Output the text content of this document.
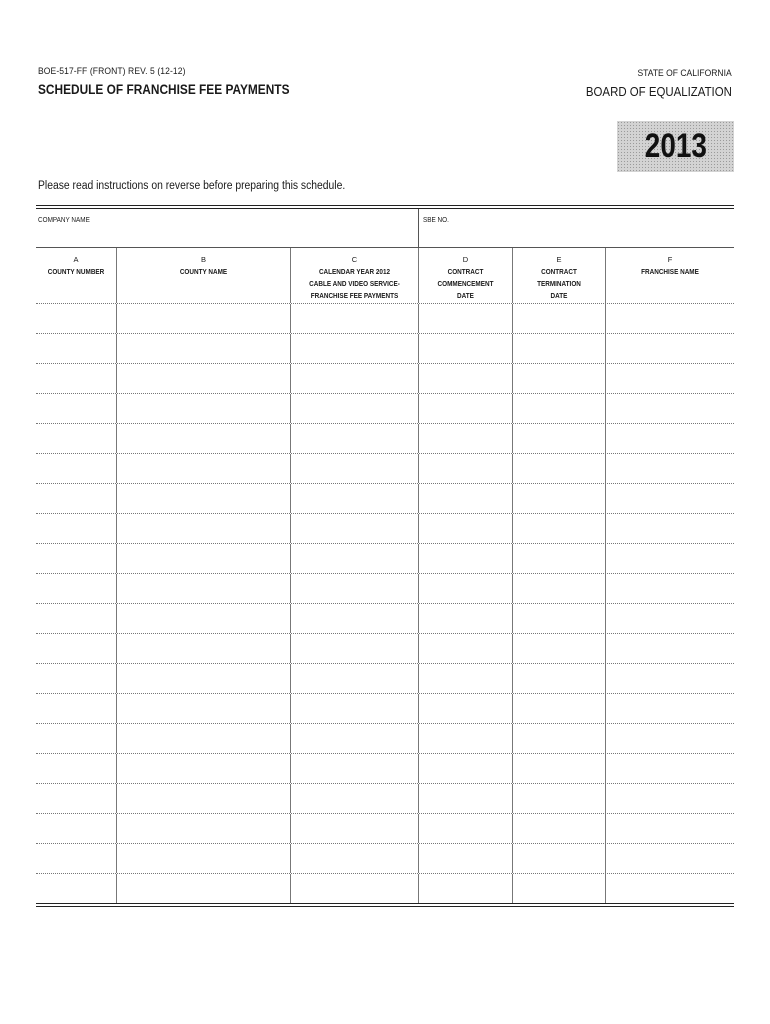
BOE-517-FF (FRONT) REV. 5 (12-12)
SCHEDULE OF FRANCHISE FEE PAYMENTS
STATE OF CALIFORNIA
BOARD OF EQUALIZATION
2013
Please read instructions on reverse before preparing this schedule.
COMPANY NAME	SBE NO.
A
COUNTY NUMBER
B
COUNTY NAME
C
CALENDAR YEAR 2012
CABLE AND VIDEO SERVICE-
FRANCHISE FEE PAYMENTS
D
CONTRACT
COMMENCEMENT
DATE
E
CONTRACT
TERMINATION
DATE
F
FRANCHISE NAME
